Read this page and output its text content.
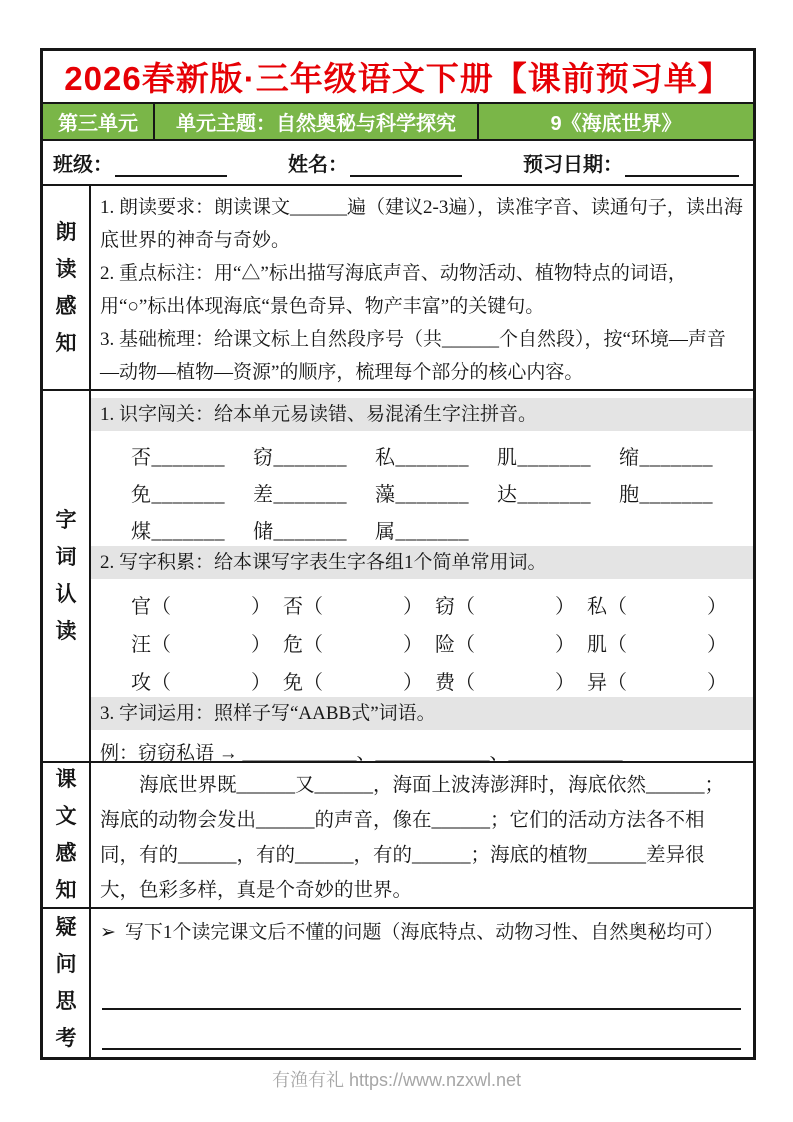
2026春新版·三年级语文下册【课前预习单】
第三单元	单元主题：自然奥秘与科学探究	9《海底世界》
班级：	姓名：	预习日期：
朗读感知

1. 朗读要求：朗读课文______遍（建议2-3遍），读准字音、读通句子，读出海底世界的神奇与奇妙。

2. 重点标注：用“△”标出描写海底声音、动物活动、植物特点的词语，用“○”标出体现海底“景色奇异、物产丰富”的关键句。

3. 基础梳理：给课文标上自然段序号（共______个自然段），按“环境—声音—动物—植物—资源”的顺序，梳理每个部分的核心内容。

字词认读
1. 识字闯关：给本单元易读错、易混淆生字注拼音。
否_______	窃_______	私_______	肌_______	缩_______
免_______	差_______	藻_______	达_______	胞_______
煤_______	储_______	属_______
2. 写字积累：给本课写字表生字各组1个简单常用词。
官（　　　　） 否（　　　　） 窃（　　　　） 私（　　　　）
汪（　　　　） 危（　　　　） 险（　　　　） 肌（　　　　）
攻（　　　　） 免（　　　　） 费（　　　　） 异（　　　　）
3. 字词运用：照样子写“AABB式”词语。
例：窃窃私语 → ____________、____________、____________
课文感知
海底世界既______又______，海面上波涛澎湃时，海底依然______；海底的动物会发出______的声音，像在______；它们的活动方法各不相同，有的______，有的______，有的______；海底的植物______差异很大，色彩多样，真是个奇妙的世界。
疑问思考
➢ 写下1个读完课文后不懂的问题（海底特点、动物习性、自然奥秘均可）
有渔有礼 https://www.nzxwl.net
